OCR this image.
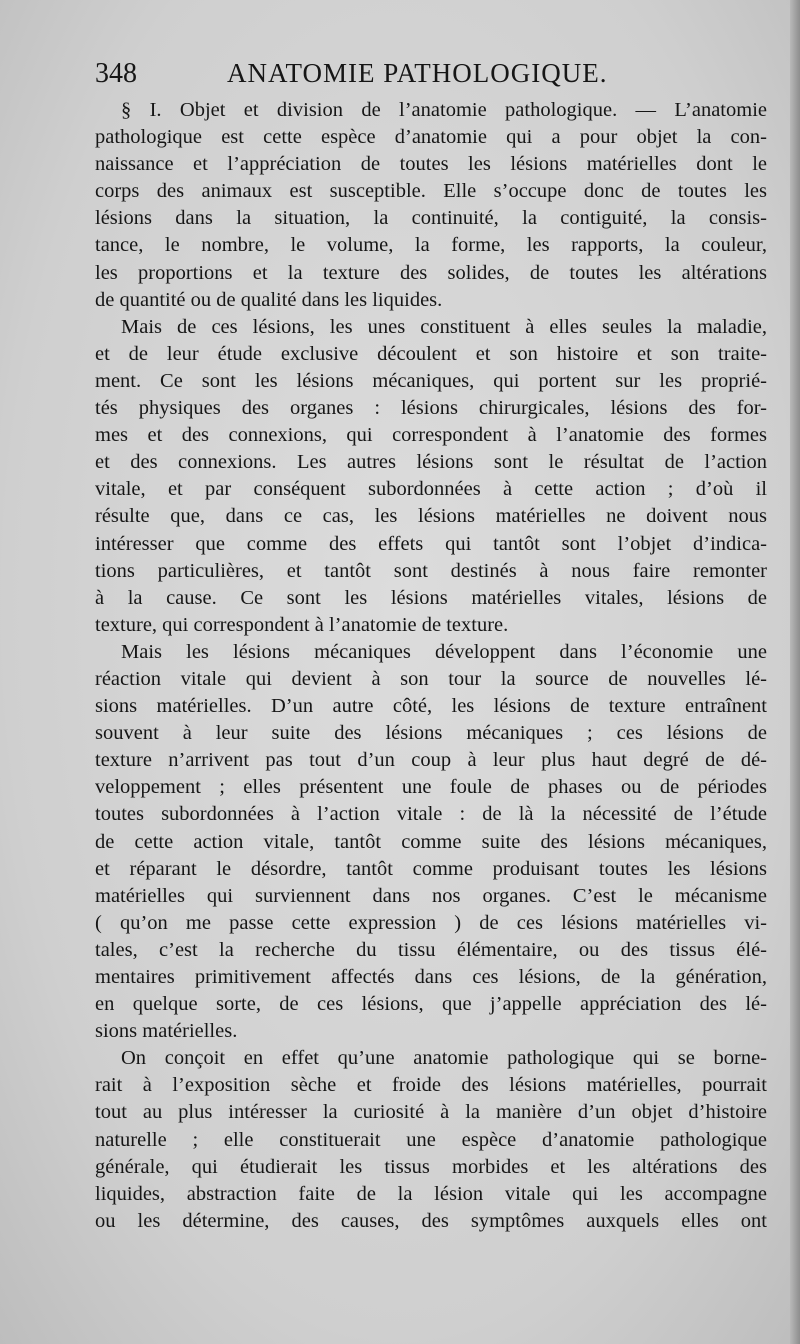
348	ANATOMIE PATHOLOGIQUE.
§ I. Objet et division de l’anatomie pathologique. — L’anatomie
pathologique est cette espèce d’anatomie qui a pour objet la con-
naissance et l’appréciation de toutes les lésions matérielles dont le
corps des animaux est susceptible. Elle s’occupe donc de toutes les
lésions dans la situation, la continuité, la contiguité, la consis-
tance, le nombre, le volume, la forme, les rapports, la couleur,
les proportions et la texture des solides, de toutes les altérations
de quantité ou de qualité dans les liquides.
Mais de ces lésions, les unes constituent à elles seules la maladie,
et de leur étude exclusive découlent et son histoire et son traite-
ment. Ce sont les lésions mécaniques, qui portent sur les proprié-
tés physiques des organes : lésions chirurgicales, lésions des for-
mes et des connexions, qui correspondent à l’anatomie des formes
et des connexions. Les autres lésions sont le résultat de l’action
vitale, et par conséquent subordonnées à cette action ; d’où il
résulte que, dans ce cas, les lésions matérielles ne doivent nous
intéresser que comme des effets qui tantôt sont l’objet d’indica-
tions particulières, et tantôt sont destinés à nous faire remonter
à la cause. Ce sont les lésions matérielles vitales, lésions de
texture, qui correspondent à l’anatomie de texture.
Mais les lésions mécaniques développent dans l’économie une
réaction vitale qui devient à son tour la source de nouvelles lé-
sions matérielles. D’un autre côté, les lésions de texture entraînent
souvent à leur suite des lésions mécaniques ; ces lésions de
texture n’arrivent pas tout d’un coup à leur plus haut degré de dé-
veloppement ; elles présentent une foule de phases ou de périodes
toutes subordonnées à l’action vitale : de là la nécessité de l’étude
de cette action vitale, tantôt comme suite des lésions mécaniques,
et réparant le désordre, tantôt comme produisant toutes les lésions
matérielles qui surviennent dans nos organes. C’est le mécanisme
( qu’on me passe cette expression ) de ces lésions matérielles vi-
tales, c’est la recherche du tissu élémentaire, ou des tissus élé-
mentaires primitivement affectés dans ces lésions, de la génération,
en quelque sorte, de ces lésions, que j’appelle appréciation des lé-
sions matérielles.
On conçoit en effet qu’une anatomie pathologique qui se borne-
rait à l’exposition sèche et froide des lésions matérielles, pourrait
tout au plus intéresser la curiosité à la manière d’un objet d’histoire
naturelle ; elle constituerait une espèce d’anatomie pathologique
générale, qui étudierait les tissus morbides et les altérations des
liquides, abstraction faite de la lésion vitale qui les accompagne
ou les détermine, des causes, des symptômes auxquels elles ont
